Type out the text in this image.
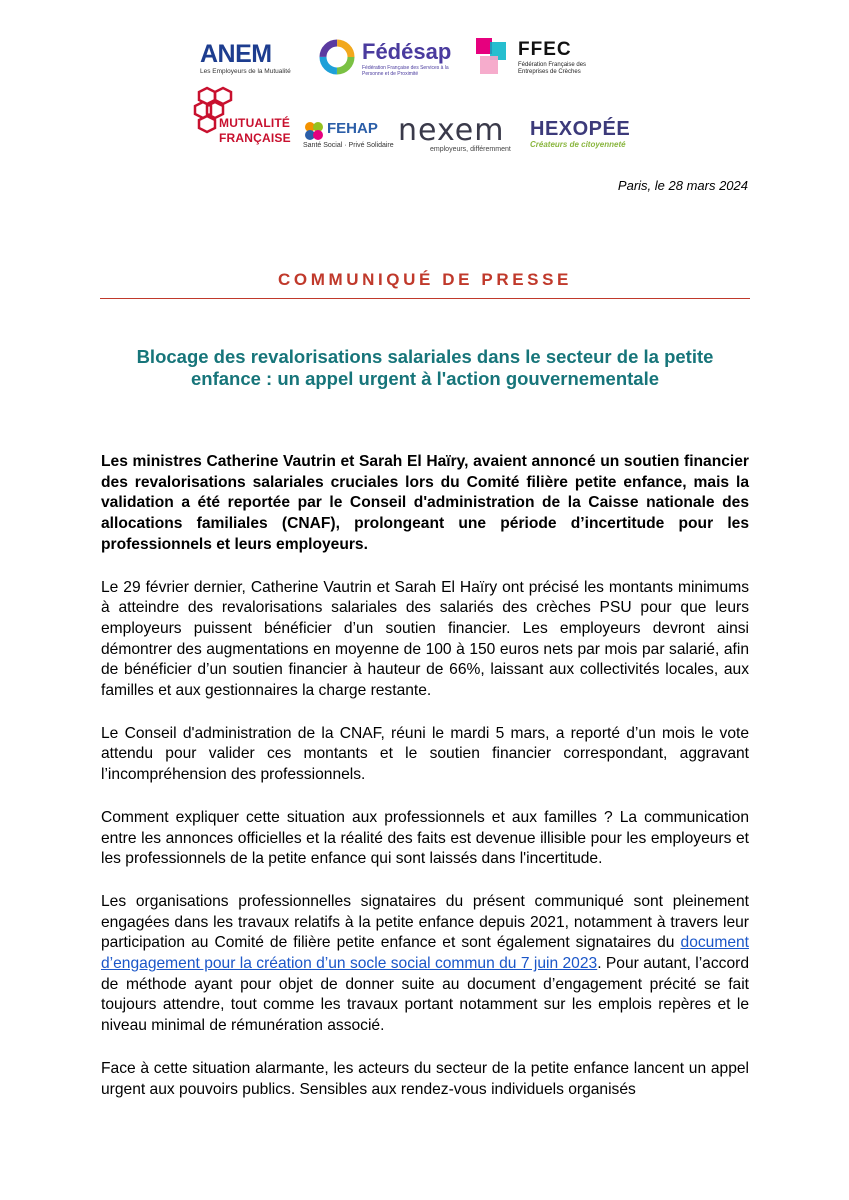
ANEM
Les Employeurs de la Mutualité
Fédésap
Fédération Française des Services à la Personne et de Proximité
FFEC
Fédération Française des Entreprises de Crèches
MUTUALITÉ
FRANÇAISE
FEHAP
Santé Social · Privé Solidaire nexem
employeurs, différemment
HEXOPÉE
Créateurs de citoyenneté
Paris, le 28 mars 2024
COMMUNIQUÉ DE PRESSE
Blocage des revalorisations salariales dans le secteur de la petite enfance : un appel urgent à l'action gouvernementale

Les ministres Catherine Vautrin et Sarah El Haïry, avaient annoncé un soutien financier des revalorisations salariales cruciales lors du Comité filière petite enfance, mais la validation a été reportée par le Conseil d'administration de la Caisse nationale des allocations familiales (CNAF), prolongeant une période d’incertitude pour les professionnels et leurs employeurs.

Le 29 février dernier, Catherine Vautrin et Sarah El Haïry ont précisé les montants minimums à atteindre des revalorisations salariales des salariés des crèches PSU pour que leurs employeurs puissent bénéficier d’un soutien financier. Les employeurs devront ainsi démontrer des augmentations en moyenne de 100 à 150 euros nets par mois par salarié, afin de bénéficier d’un soutien financier à hauteur de 66%, laissant aux collectivités locales, aux familles et aux gestionnaires la charge restante.

Le Conseil d'administration de la CNAF, réuni le mardi 5 mars, a reporté d’un mois le vote attendu pour valider ces montants et le soutien financier correspondant, aggravant l’incompréhension des professionnels.

Comment expliquer cette situation aux professionnels et aux familles ? La communication entre les annonces officielles et la réalité des faits est devenue illisible pour les employeurs et les professionnels de la petite enfance qui sont laissés dans l'incertitude.

Les organisations professionnelles signataires du présent communiqué sont pleinement engagées dans les travaux relatifs à la petite enfance depuis 2021, notamment à travers leur participation au Comité de filière petite enfance et sont également signataires du document d’engagement pour la création d’un socle social commun du 7 juin 2023. Pour autant, l’accord de méthode ayant pour objet de donner suite au document d’engagement précité se fait toujours attendre, tout comme les travaux portant notamment sur les emplois repères et le niveau minimal de rémunération associé.

Face à cette situation alarmante, les acteurs du secteur de la petite enfance lancent un appel urgent aux pouvoirs publics. Sensibles aux rendez-vous individuels organisés
